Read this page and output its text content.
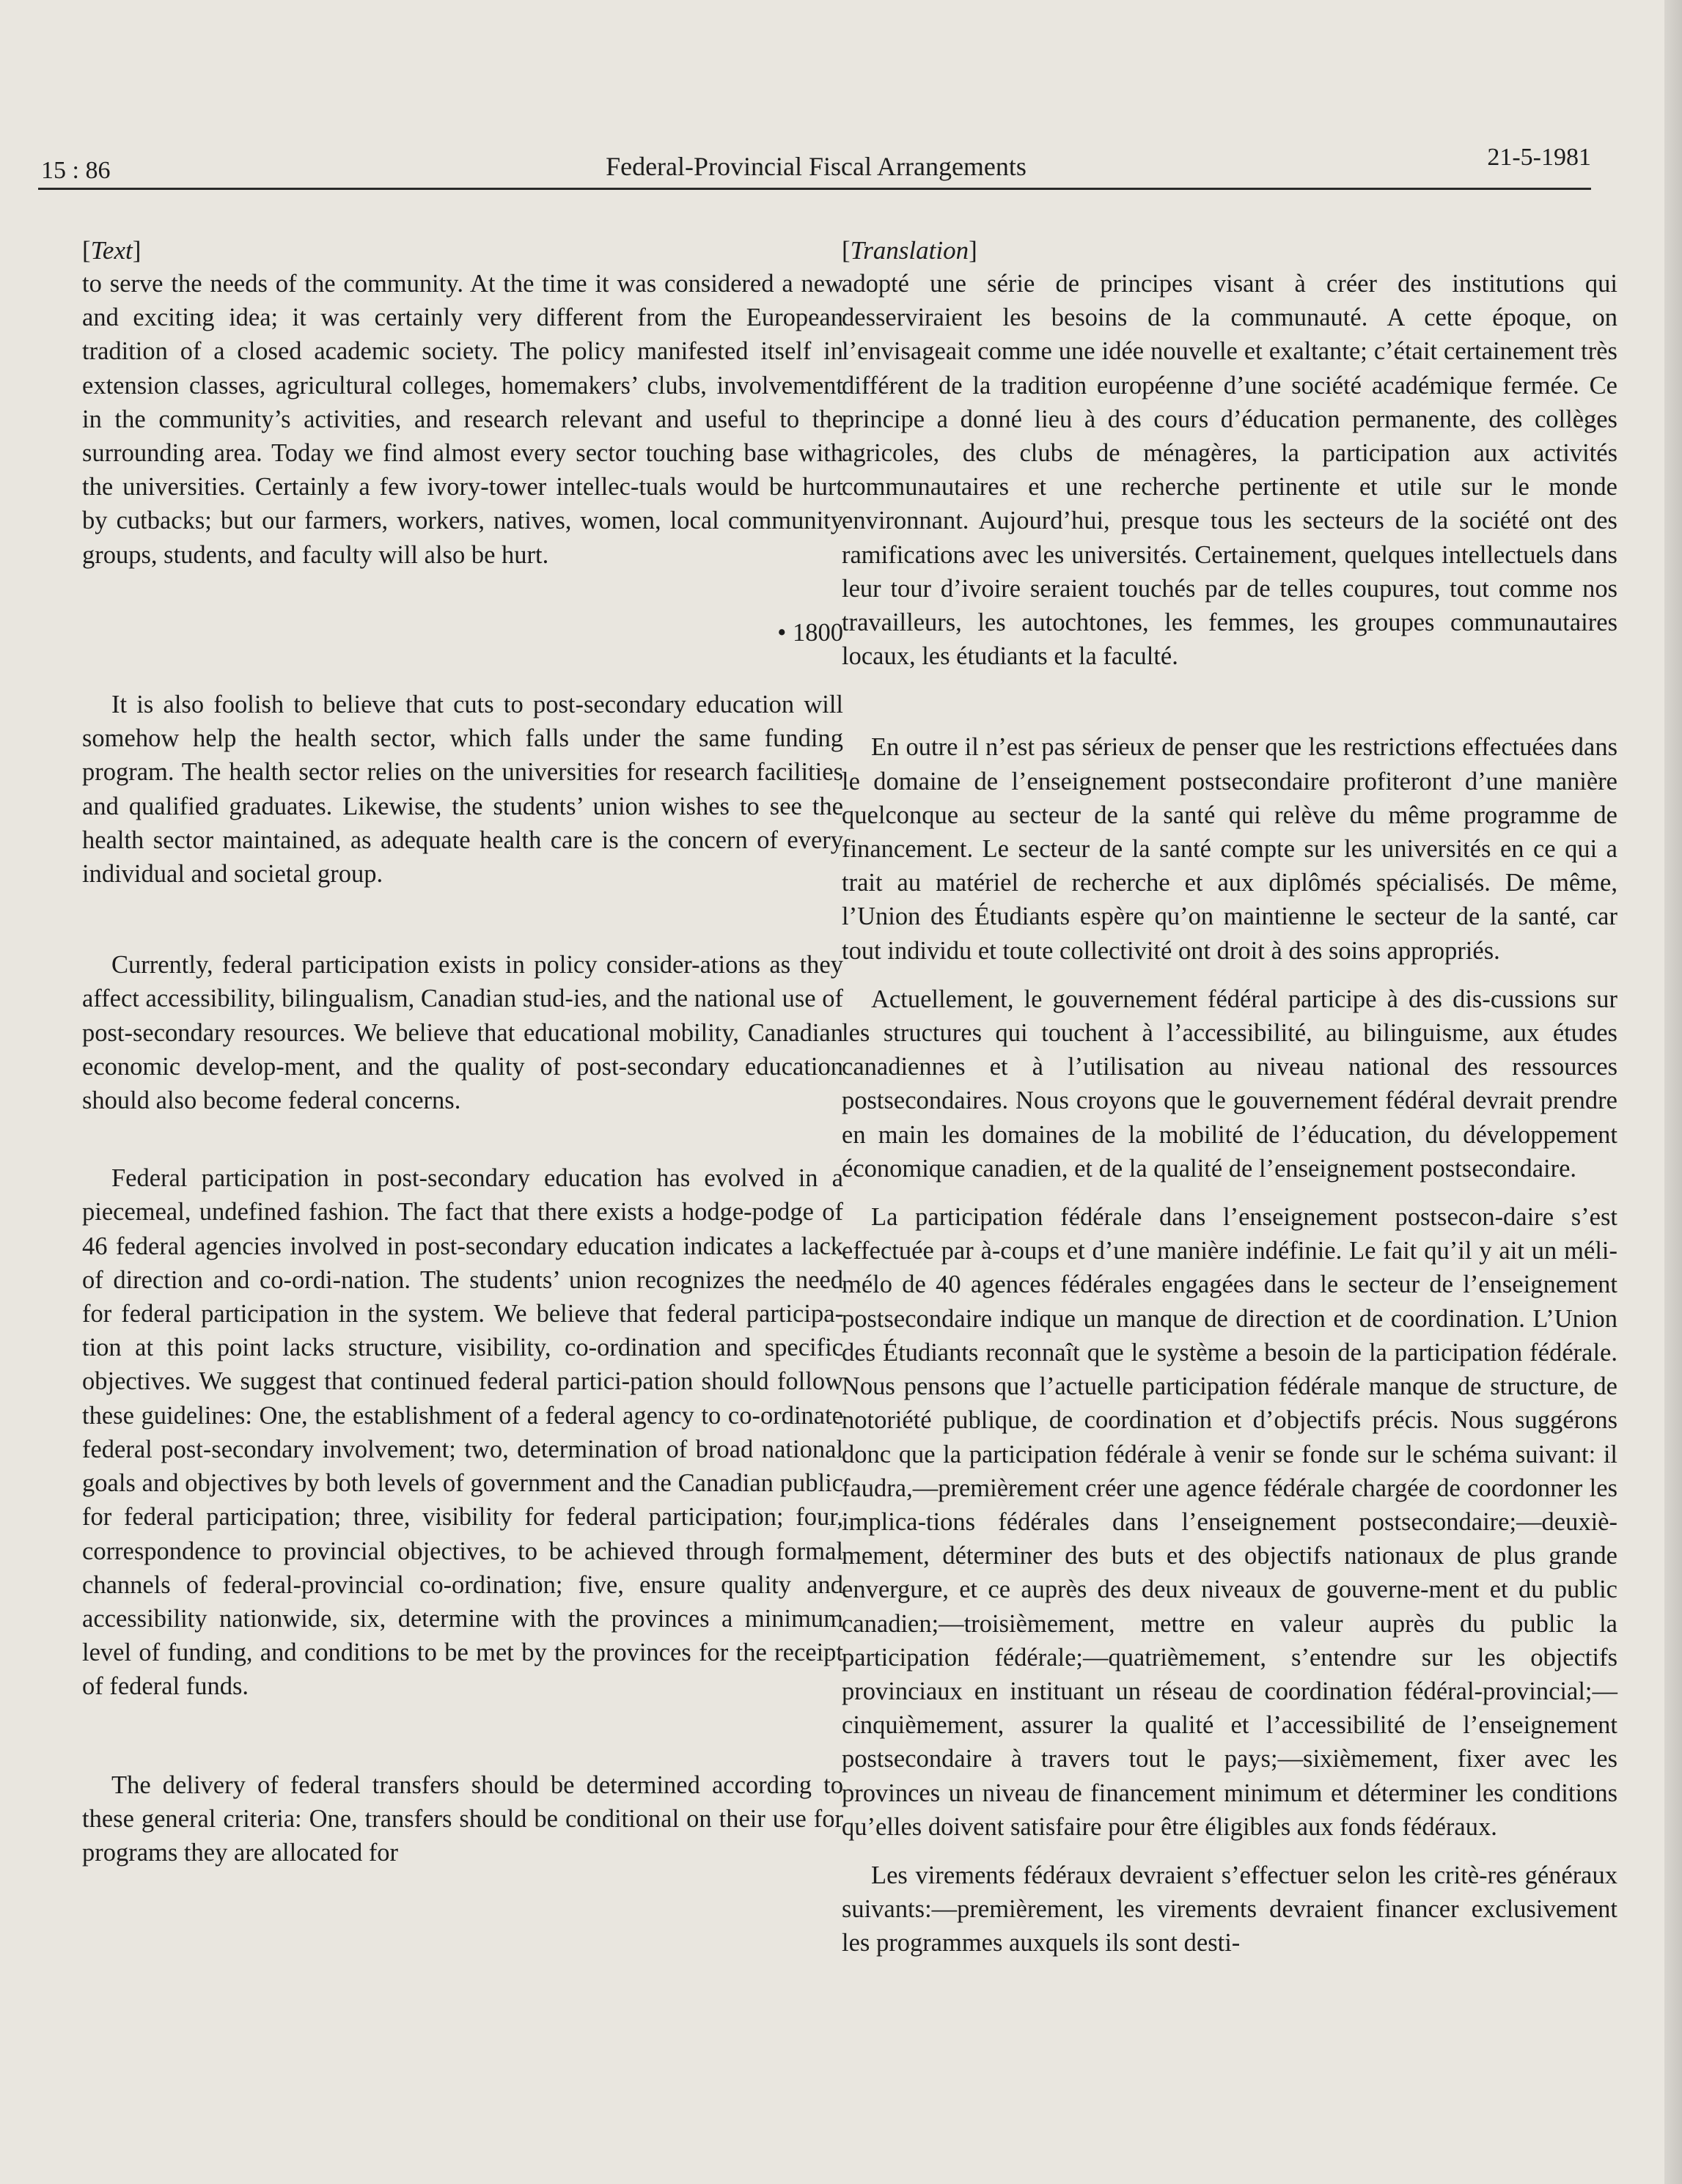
15 : 86	Federal-Provincial Fiscal Arrangements	21-5-1981
[Text]

to serve the needs of the community. At the time it was considered a new and exciting idea; it was certainly very different from the European tradition of a closed academic society. The policy manifested itself in extension classes, agricultural colleges, homemakers’ clubs, involvement in the community’s activities, and research relevant and useful to the surrounding area. Today we find almost every sector touching base with the universities. Certainly a few ivory-tower intellec-tuals would be hurt by cutbacks; but our farmers, workers, natives, women, local community groups, students, and faculty will also be hurt.

• 1800

It is also foolish to believe that cuts to post-secondary education will somehow help the health sector, which falls under the same funding program. The health sector relies on the universities for research facilities and qualified graduates. Likewise, the students’ union wishes to see the health sector maintained, as adequate health care is the concern of every individual and societal group.

Currently, federal participation exists in policy consider-ations as they affect accessibility, bilingualism, Canadian stud-ies, and the national use of post-secondary resources. We believe that educational mobility, Canadian economic develop-ment, and the quality of post-secondary education should also become federal concerns.

Federal participation in post-secondary education has evolved in a piecemeal, undefined fashion. The fact that there exists a hodge-podge of 46 federal agencies involved in post-secondary education indicates a lack of direction and co-ordi-nation. The students’ union recognizes the need for federal participation in the system. We believe that federal participa-tion at this point lacks structure, visibility, co-ordination and specific objectives. We suggest that continued federal partici-pation should follow these guidelines: One, the establishment of a federal agency to co-ordinate federal post-secondary involvement; two, determination of broad national goals and objectives by both levels of government and the Canadian public for federal participation; three, visibility for federal participation; four, correspondence to provincial objectives, to be achieved through formal channels of federal-provincial co-ordination; five, ensure quality and accessibility nationwide, six, determine with the provinces a minimum level of funding, and conditions to be met by the provinces for the receipt of federal funds.

The delivery of federal transfers should be determined according to these general criteria: One, transfers should be conditional on their use for programs they are allocated for

[Translation]

adopté une série de principes visant à créer des institutions qui desserviraient les besoins de la communauté. A cette époque, on l’envisageait comme une idée nouvelle et exaltante; c’était certainement très différent de la tradition européenne d’une société académique fermée. Ce principe a donné lieu à des cours d’éducation permanente, des collèges agricoles, des clubs de ménagères, la participation aux activités communautaires et une recherche pertinente et utile sur le monde environnant. Aujourd’hui, presque tous les secteurs de la société ont des ramifications avec les universités. Certainement, quelques intellectuels dans leur tour d’ivoire seraient touchés par de telles coupures, tout comme nos travailleurs, les autochtones, les femmes, les groupes communautaires locaux, les étudiants et la faculté.

En outre il n’est pas sérieux de penser que les restrictions effectuées dans le domaine de l’enseignement postsecondaire profiteront d’une manière quelconque au secteur de la santé qui relève du même programme de financement. Le secteur de la santé compte sur les universités en ce qui a trait au matériel de recherche et aux diplômés spécialisés. De même, l’Union des Étudiants espère qu’on maintienne le secteur de la santé, car tout individu et toute collectivité ont droit à des soins appropriés.

Actuellement, le gouvernement fédéral participe à des dis-cussions sur les structures qui touchent à l’accessibilité, au bilinguisme, aux études canadiennes et à l’utilisation au niveau national des ressources postsecondaires. Nous croyons que le gouvernement fédéral devrait prendre en main les domaines de la mobilité de l’éducation, du développement économique canadien, et de la qualité de l’enseignement postsecondaire.

La participation fédérale dans l’enseignement postsecon-daire s’est effectuée par à-coups et d’une manière indéfinie. Le fait qu’il y ait un méli-mélo de 40 agences fédérales engagées dans le secteur de l’enseignement postsecondaire indique un manque de direction et de coordination. L’Union des Étudiants reconnaît que le système a besoin de la participation fédérale. Nous pensons que l’actuelle participation fédérale manque de structure, de notoriété publique, de coordination et d’objectifs précis. Nous suggérons donc que la participation fédérale à venir se fonde sur le schéma suivant: il faudra,—premièrement créer une agence fédérale chargée de coordonner les implica-tions fédérales dans l’enseignement postsecondaire;—deuxiè-mement, déterminer des buts et des objectifs nationaux de plus grande envergure, et ce auprès des deux niveaux de gouverne-ment et du public canadien;—troisièmement, mettre en valeur auprès du public la participation fédérale;—quatrièmement, s’entendre sur les objectifs provinciaux en instituant un réseau de coordination fédéral-provincial;—cinquièmement, assurer la qualité et l’accessibilité de l’enseignement postsecondaire à travers tout le pays;—sixièmement, fixer avec les provinces un niveau de financement minimum et déterminer les conditions qu’elles doivent satisfaire pour être éligibles aux fonds fédéraux.

Les virements fédéraux devraient s’effectuer selon les critè-res généraux suivants:—premièrement, les virements devraient financer exclusivement les programmes auxquels ils sont desti-
